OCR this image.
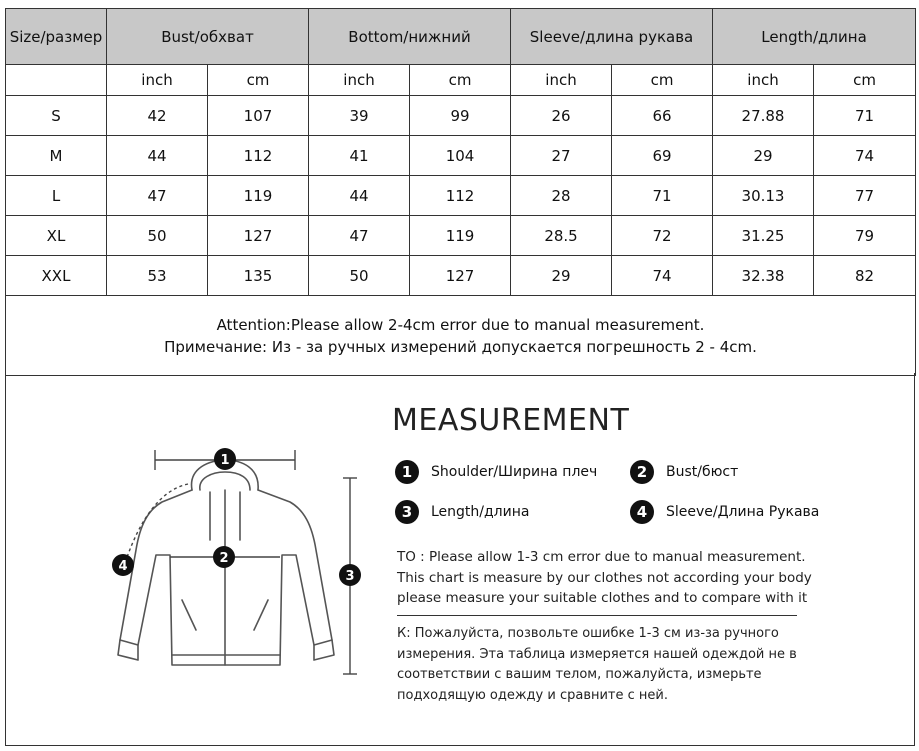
Size/размер	Bust/обхват		Bottom/нижний		Sleeve/длина рукава		Length/длина	
	inch	cm	inch	cm	inch	cm	inch	cm
S	42	107	39	99	26	66	27.88	71
M	44	112	41	104	27	69	29	74
L	47	119	44	112	28	71	30.13	77
XL	50	127	47	119	28.5	72	31.25	79
XXL	53	135	50	127	29	74	32.38	82

Attention:Please allow 2-4cm error due to manual measurement.
Примечание: Из - за ручных измерений допускается погрешность 2 - 4cm.								
1
2
3
4
MEASUREMENT
1	Shoulder/Ширина плеч	2	Bust/бюст
3	Length/длина	4	Sleeve/Длина Рукава
TO : Please allow 1-3 cm error due to manual measurement.
This chart is measure by our clothes not according your body
please measure your suitable clothes and to compare with it
К: Пожалуйста, позвольте ошибке 1-3 см из-за ручного
измерения. Эта таблица измеряется нашей одеждой не в
соответствии с вашим телом, пожалуйста, измерьте
подходящую одежду и сравните с ней.
